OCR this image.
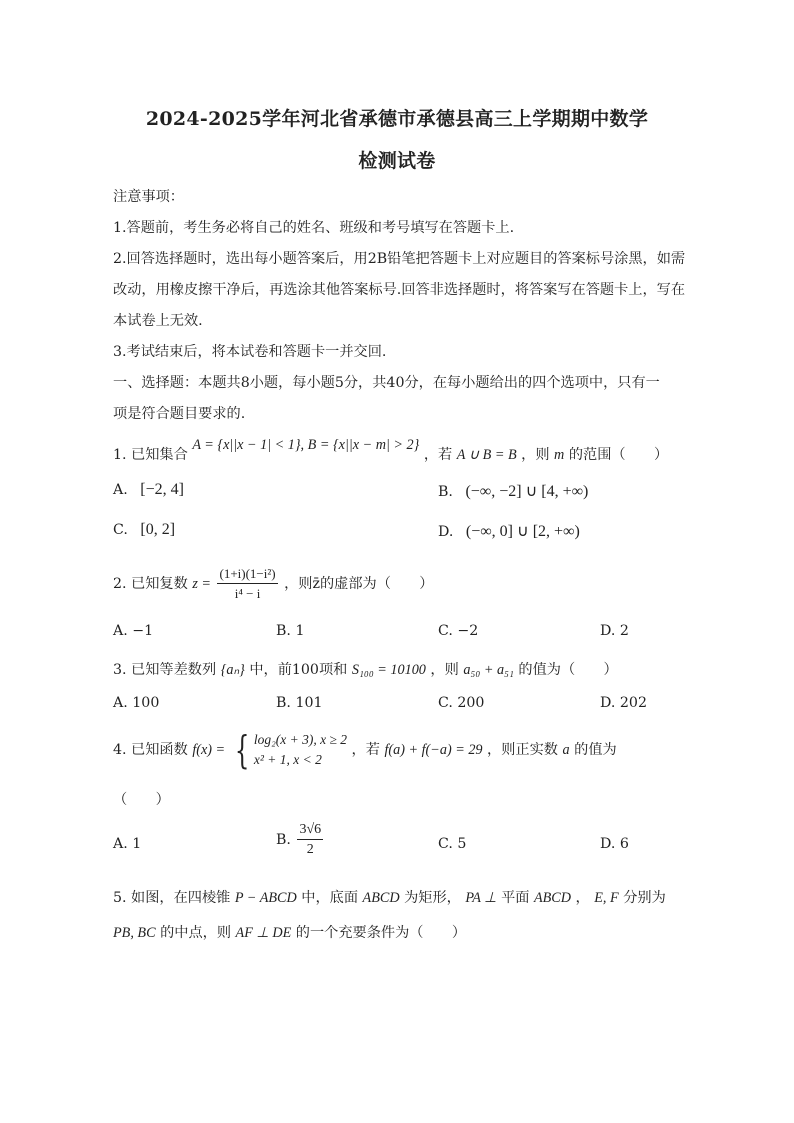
2024-2025学年河北省承德市承德县高三上学期期中数学
检测试卷
注意事项：
1.答题前，考生务必将自己的姓名、班级和考号填写在答题卡上.
2.回答选择题时，选出每小题答案后，用2B铅笔把答题卡上对应题目的答案标号涂黑，如需
改动，用橡皮擦干净后，再选涂其他答案标号.回答非选择题时，将答案写在答题卡上，写在
本试卷上无效.
3.考试结束后，将本试卷和答题卡一并交回.
一、选择题：本题共8小题，每小题5分，共40分，在每小题给出的四个选项中，只有一
项是符合题目要求的.
1. 已知集合 A = {x||x − 1| < 1}, B = {x||x − m| > 2} ，若 A ∪ B = B ，则 m 的范围（　　）
A. [−2, 4]	B. (−∞, −2] ∪ [4, +∞)
C. [0, 2]	D. (−∞, 0] ∪ [2, +∞)
2. 已知复数 $z = \frac{\text{(1+i)(1−i²)}}{\text{i⁴ − i}}$ ，则z̄的虚部为（　　）
A. −1	B. 1	C. −2	D. 2
3. 已知等差数列 {aₙ} 中，前100项和 S₁₀₀ = 10100 ，则 a₅₀ + a₅₁ 的值为（　　）
A. 100	B. 101	C. 200	D. 202
4. 已知函数 f(x) = { log₂(x + 3), x ≥ 2
x² + 1, x < 2
，若 f(a) + f(−a) = 29 ，则正实数 a 的值为
（　　）
A. 1	B. $\frac{3√6}{2}$	C. 5	D. 6
5. 如图，在四棱锥 P − ABCD 中，底面 ABCD 为矩形， PA ⊥ 平面 ABCD ， E, F 分别为
PB, BC 的中点，则 AF ⊥ DE 的一个充要条件为（　　）
